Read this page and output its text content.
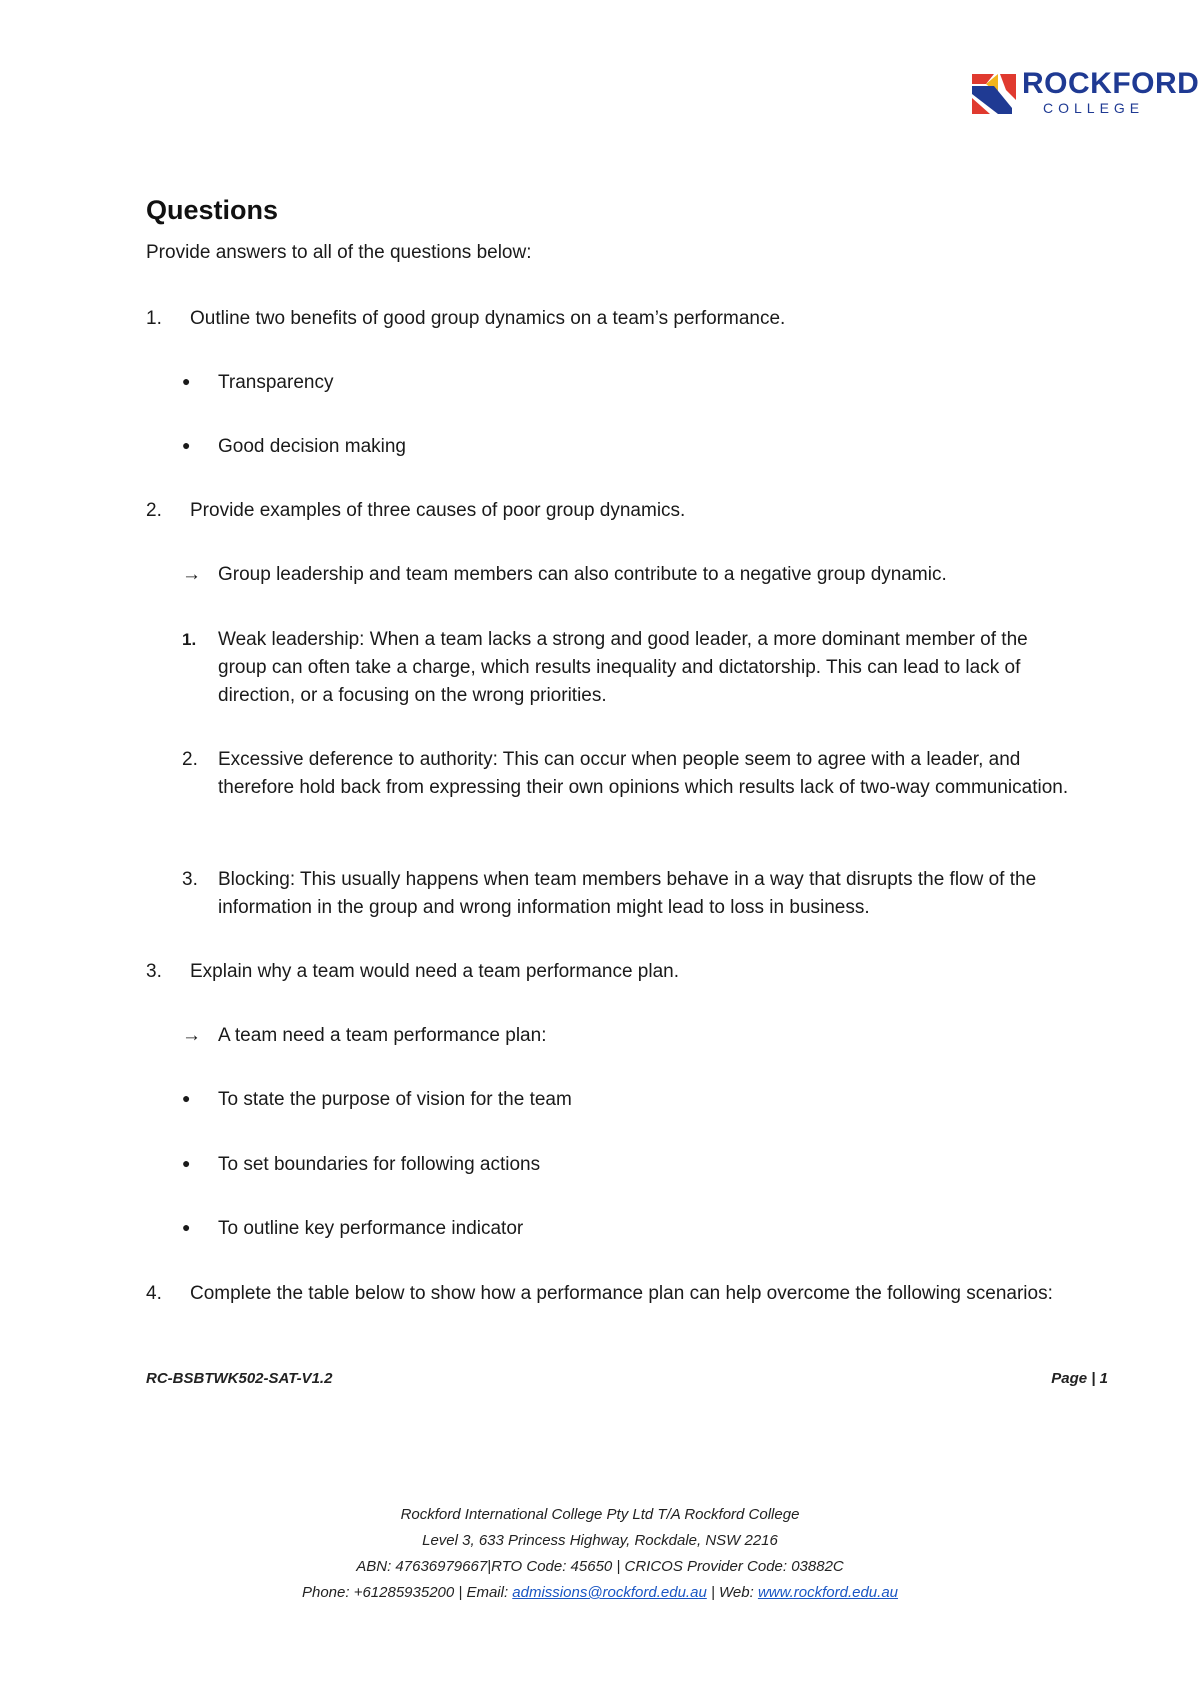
ROCKFORD
COLLEGE
Questions

Provide answers to all of the questions below:

1. Outline two benefits of good group dynamics on a team’s performance.
●	Transparency
●	Good decision making
2. Provide examples of three causes of poor group dynamics.
→ Group leadership and team members can also contribute to a negative group dynamic.
1.	Weak leadership: When a team lacks a strong and good leader, a more dominant member of the group can often take a charge, which results inequality and dictatorship. This can lead to lack of direction, or a focusing on the wrong priorities.
2.	Excessive deference to authority: This can occur when people seem to agree with a leader, and therefore hold back from expressing their own opinions which results lack of two-way communication.
3.	Blocking: This usually happens when team members behave in a way that disrupts the flow of the information in the group and wrong information might lead to loss in business.
3. Explain why a team would need a team performance plan.
→ A team need a team performance plan:
●	To state the purpose of vision for the team
●	To set boundaries for following actions
●	To outline key performance indicator
4. Complete the table below to show how a performance plan can help overcome the following scenarios:
RC-BSBTWK502-SAT-V1.2	Page | 1
Rockford International College Pty Ltd T/A Rockford College
Level 3, 633 Princess Highway, Rockdale, NSW 2216
ABN: 47636979667|RTO Code: 45650 | CRICOS Provider Code: 03882C
Phone: +61285935200 | Email: admissions@rockford.edu.au | Web: www.rockford.edu.au
